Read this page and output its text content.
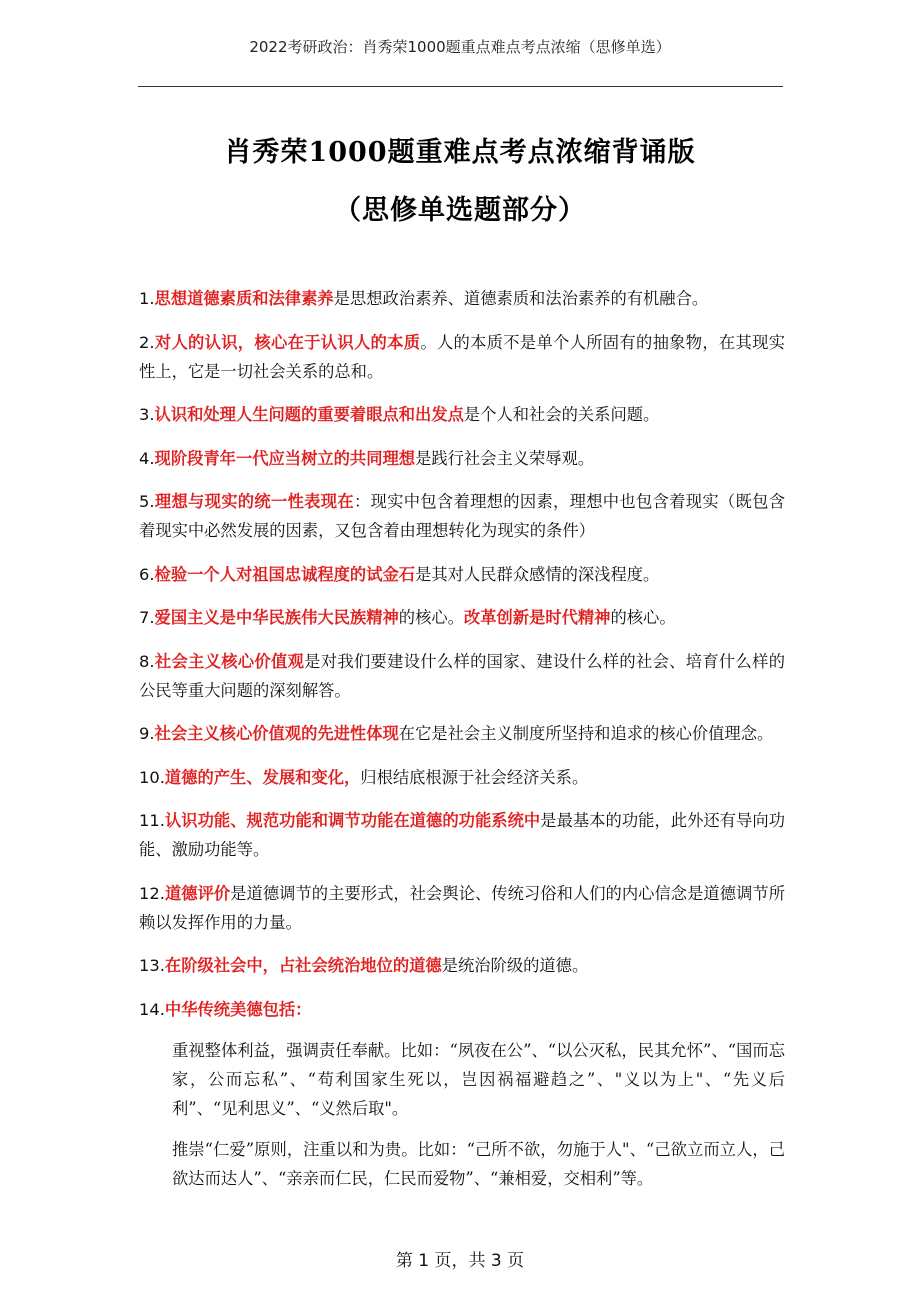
2022考研政治：肖秀荣1000题重点难点考点浓缩（思修单选）
肖秀荣1000题重难点考点浓缩背诵版
（思修单选题部分）

1.思想道德素质和法律素养是思想政治素养、道德素质和法治素养的有机融合。

2.对人的认识，核心在于认识人的本质。人的本质不是单个人所固有的抽象物，在其现实性上，它是一切社会关系的总和。

3.认识和处理人生问题的重要着眼点和出发点是个人和社会的关系问题。

4.现阶段青年一代应当树立的共同理想是践行社会主义荣辱观。

5.理想与现实的统一性表现在：现实中包含着理想的因素，理想中也包含着现实（既包含着现实中必然发展的因素，又包含着由理想转化为现实的条件）

6.检验一个人对祖国忠诚程度的试金石是其对人民群众感情的深浅程度。

7.爱国主义是中华民族伟大民族精神的核心。改革创新是时代精神的核心。

8.社会主义核心价值观是对我们要建设什么样的国家、建设什么样的社会、培育什么样的公民等重大问题的深刻解答。

9.社会主义核心价值观的先进性体现在它是社会主义制度所坚持和追求的核心价值理念。

10.道德的产生、发展和变化，归根结底根源于社会经济关系。

11.认识功能、规范功能和调节功能在道德的功能系统中是最基本的功能，此外还有导向功能、激励功能等。

12.道德评价是道德调节的主要形式，社会舆论、传统习俗和人们的内心信念是道德调节所赖以发挥作用的力量。

13.在阶级社会中，占社会统治地位的道德是统治阶级的道德。

14.中华传统美德包括：

重视整体利益，强调责任奉献。比如：“夙夜在公”、“以公灭私，民其允怀”、“国而忘家，公而忘私”、“苟利国家生死以，岂因祸福避趋之”、"义以为上"、“先义后利”、“见利思义”、“义然后取"。

推崇“仁爱”原则，注重以和为贵。比如：“己所不欲，勿施于人"、“己欲立而立人，己欲达而达人”、“亲亲而仁民，仁民而爱物”、“兼相爱，交相利”等。

第 1 页，共 3 页
